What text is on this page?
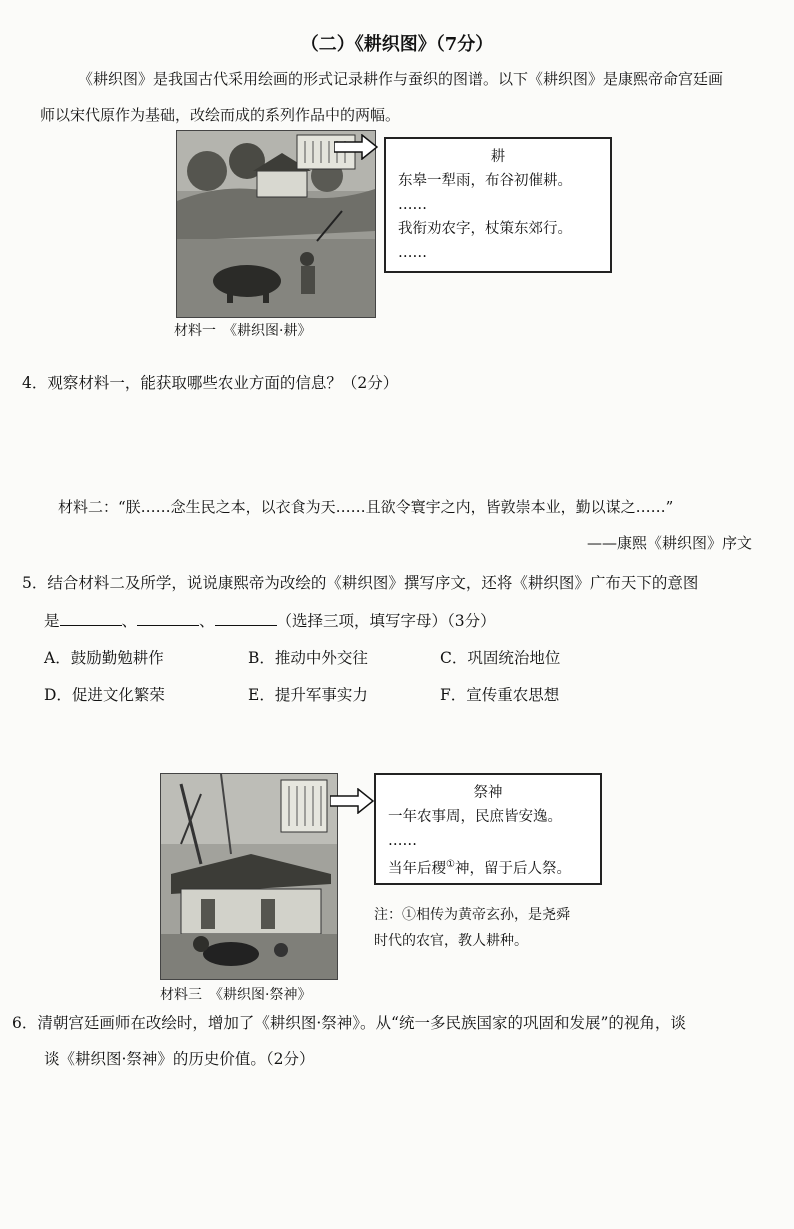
（二）《耕织图》（7分）
《耕织图》是我国古代采用绘画的形式记录耕作与蚕织的图谱。以下《耕织图》是康熙帝命宫廷画
师以宋代原作为基础，改绘而成的系列作品中的两幅。
耕
东皋一犁雨，布谷初催耕。
……
我衔劝农字，杖策东郊行。
……
材料一　《耕织图·耕》
4．观察材料一，能获取哪些农业方面的信息？（2分）
材料二：“朕……念生民之本，以衣食为天……且欲令寰宇之内，皆敦崇本业，勤以谋之……”
——康熙《耕织图》序文
5．结合材料二及所学，说说康熙帝为改绘的《耕织图》撰写序文，还将《耕织图》广布天下的意图
是	、	、	（选择三项，填写字母）（3分）
A．鼓励勤勉耕作	B．推动中外交往	C．巩固统治地位
D．促进文化繁荣	E．提升军事实力	F．宣传重农思想
祭神
一年农事周，民庶皆安逸。
……
当年后稷①神，留于后人祭。
注：①相传为黄帝玄孙，是尧舜
时代的农官，教人耕种。
材料三　《耕织图·祭神》
6．清朝宫廷画师在改绘时，增加了《耕织图·祭神》。从“统一多民族国家的巩固和发展”的视角，谈
谈《耕织图·祭神》的历史价值。（2分）
